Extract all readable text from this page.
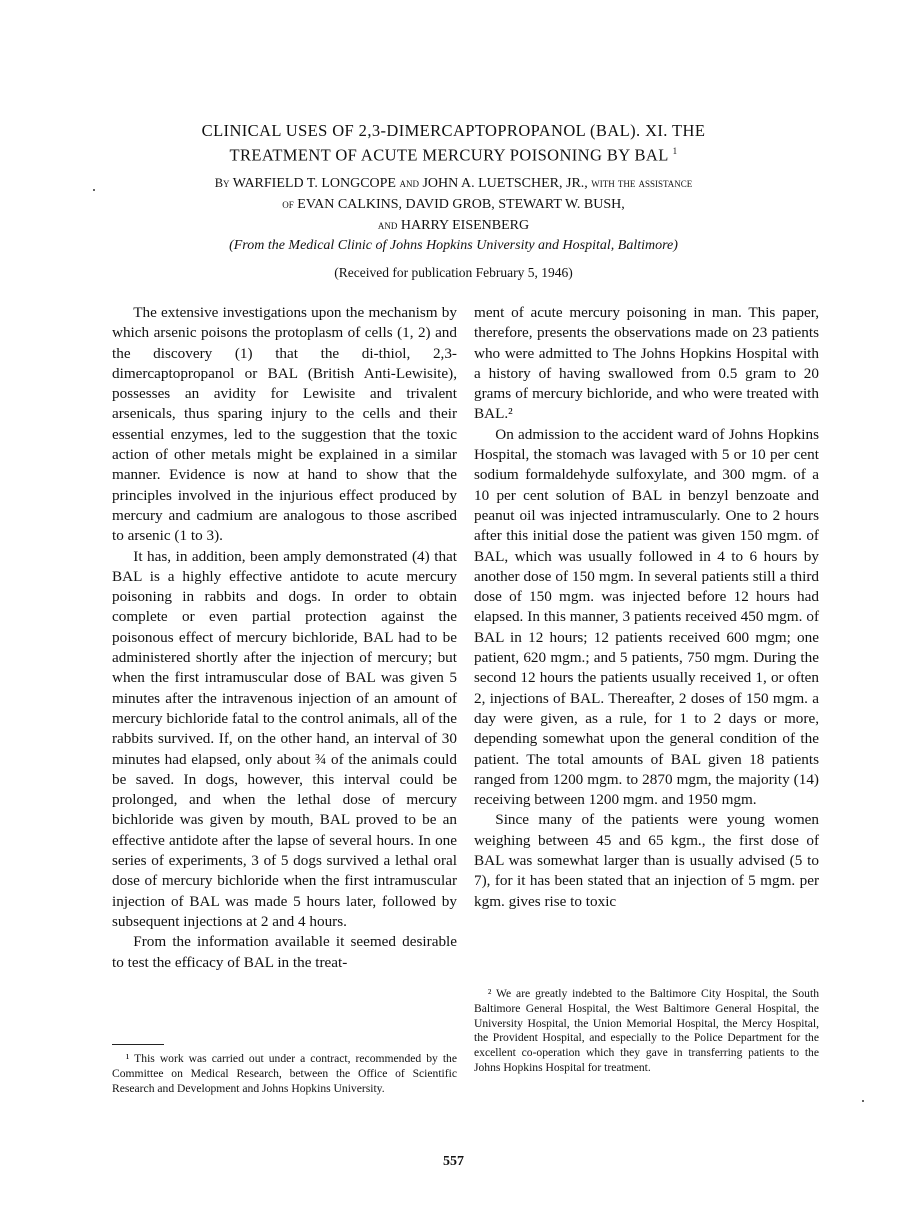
CLINICAL USES OF 2,3-DIMERCAPTOPROPANOL (BAL). XI. THE
TREATMENT OF ACUTE MERCURY POISONING BY BAL $^1$
By WARFIELD T. LONGCOPE and JOHN A. LUETSCHER, JR., with the assistance
of EVAN CALKINS, DAVID GROB, STEWART W. BUSH,
and HARRY EISENBERG
(From the Medical Clinic of Johns Hopkins University and Hospital, Baltimore)
(Received for publication February 5, 1946)

The extensive investigations upon the mechanism by which arsenic poisons the protoplasm of cells (1, 2) and the discovery (1) that the di-thiol, 2,3-dimercaptopropanol or BAL (British Anti-Lewisite), possesses an avidity for Lewisite and trivalent arsenicals, thus sparing injury to the cells and their essential enzymes, led to the suggestion that the toxic action of other metals might be explained in a similar manner. Evidence is now at hand to show that the principles involved in the injurious effect produced by mercury and cadmium are analogous to those ascribed to arsenic (1 to 3).

It has, in addition, been amply demonstrated (4) that BAL is a highly effective antidote to acute mercury poisoning in rabbits and dogs. In order to obtain complete or even partial protection against the poisonous effect of mercury bichloride, BAL had to be administered shortly after the injection of mercury; but when the first intramuscular dose of BAL was given 5 minutes after the intravenous injection of an amount of mercury bichloride fatal to the control animals, all of the rabbits survived. If, on the other hand, an interval of 30 minutes had elapsed, only about ¾ of the animals could be saved. In dogs, however, this interval could be prolonged, and when the lethal dose of mercury bichloride was given by mouth, BAL proved to be an effective antidote after the lapse of several hours. In one series of experiments, 3 of 5 dogs survived a lethal oral dose of mercury bichloride when the first intramuscular injection of BAL was made 5 hours later, followed by subsequent injections at 2 and 4 hours.

From the information available it seemed desirable to test the efficacy of BAL in the treat-

ment of acute mercury poisoning in man. This paper, therefore, presents the observations made on 23 patients who were admitted to The Johns Hopkins Hospital with a history of having swallowed from 0.5 gram to 20 grams of mercury bichloride, and who were treated with BAL.²

On admission to the accident ward of Johns Hopkins Hospital, the stomach was lavaged with 5 or 10 per cent sodium formaldehyde sulfoxylate, and 300 mgm. of a 10 per cent solution of BAL in benzyl benzoate and peanut oil was injected intramuscularly. One to 2 hours after this initial dose the patient was given 150 mgm. of BAL, which was usually followed in 4 to 6 hours by another dose of 150 mgm. In several patients still a third dose of 150 mgm. was injected before 12 hours had elapsed. In this manner, 3 patients received 450 mgm. of BAL in 12 hours; 12 patients received 600 mgm; one patient, 620 mgm.; and 5 patients, 750 mgm. During the second 12 hours the patients usually received 1, or often 2, injections of BAL. Thereafter, 2 doses of 150 mgm. a day were given, as a rule, for 1 to 2 days or more, depending somewhat upon the general condition of the patient. The total amounts of BAL given 18 patients ranged from 1200 mgm. to 2870 mgm, the majority (14) receiving between 1200 mgm. and 1950 mgm.

Since many of the patients were young women weighing between 45 and 65 kgm., the first dose of BAL was somewhat larger than is usually advised (5 to 7), for it has been stated that an injection of 5 mgm. per kgm. gives rise to toxic

¹ This work was carried out under a contract, recommended by the Committee on Medical Research, between the Office of Scientific Research and Development and Johns Hopkins University.

² We are greatly indebted to the Baltimore City Hospital, the South Baltimore General Hospital, the West Baltimore General Hospital, the University Hospital, the Union Memorial Hospital, the Mercy Hospital, the Provident Hospital, and especially to the Police Department for the excellent co-operation which they gave in transferring patients to the Johns Hopkins Hospital for treatment.

557
